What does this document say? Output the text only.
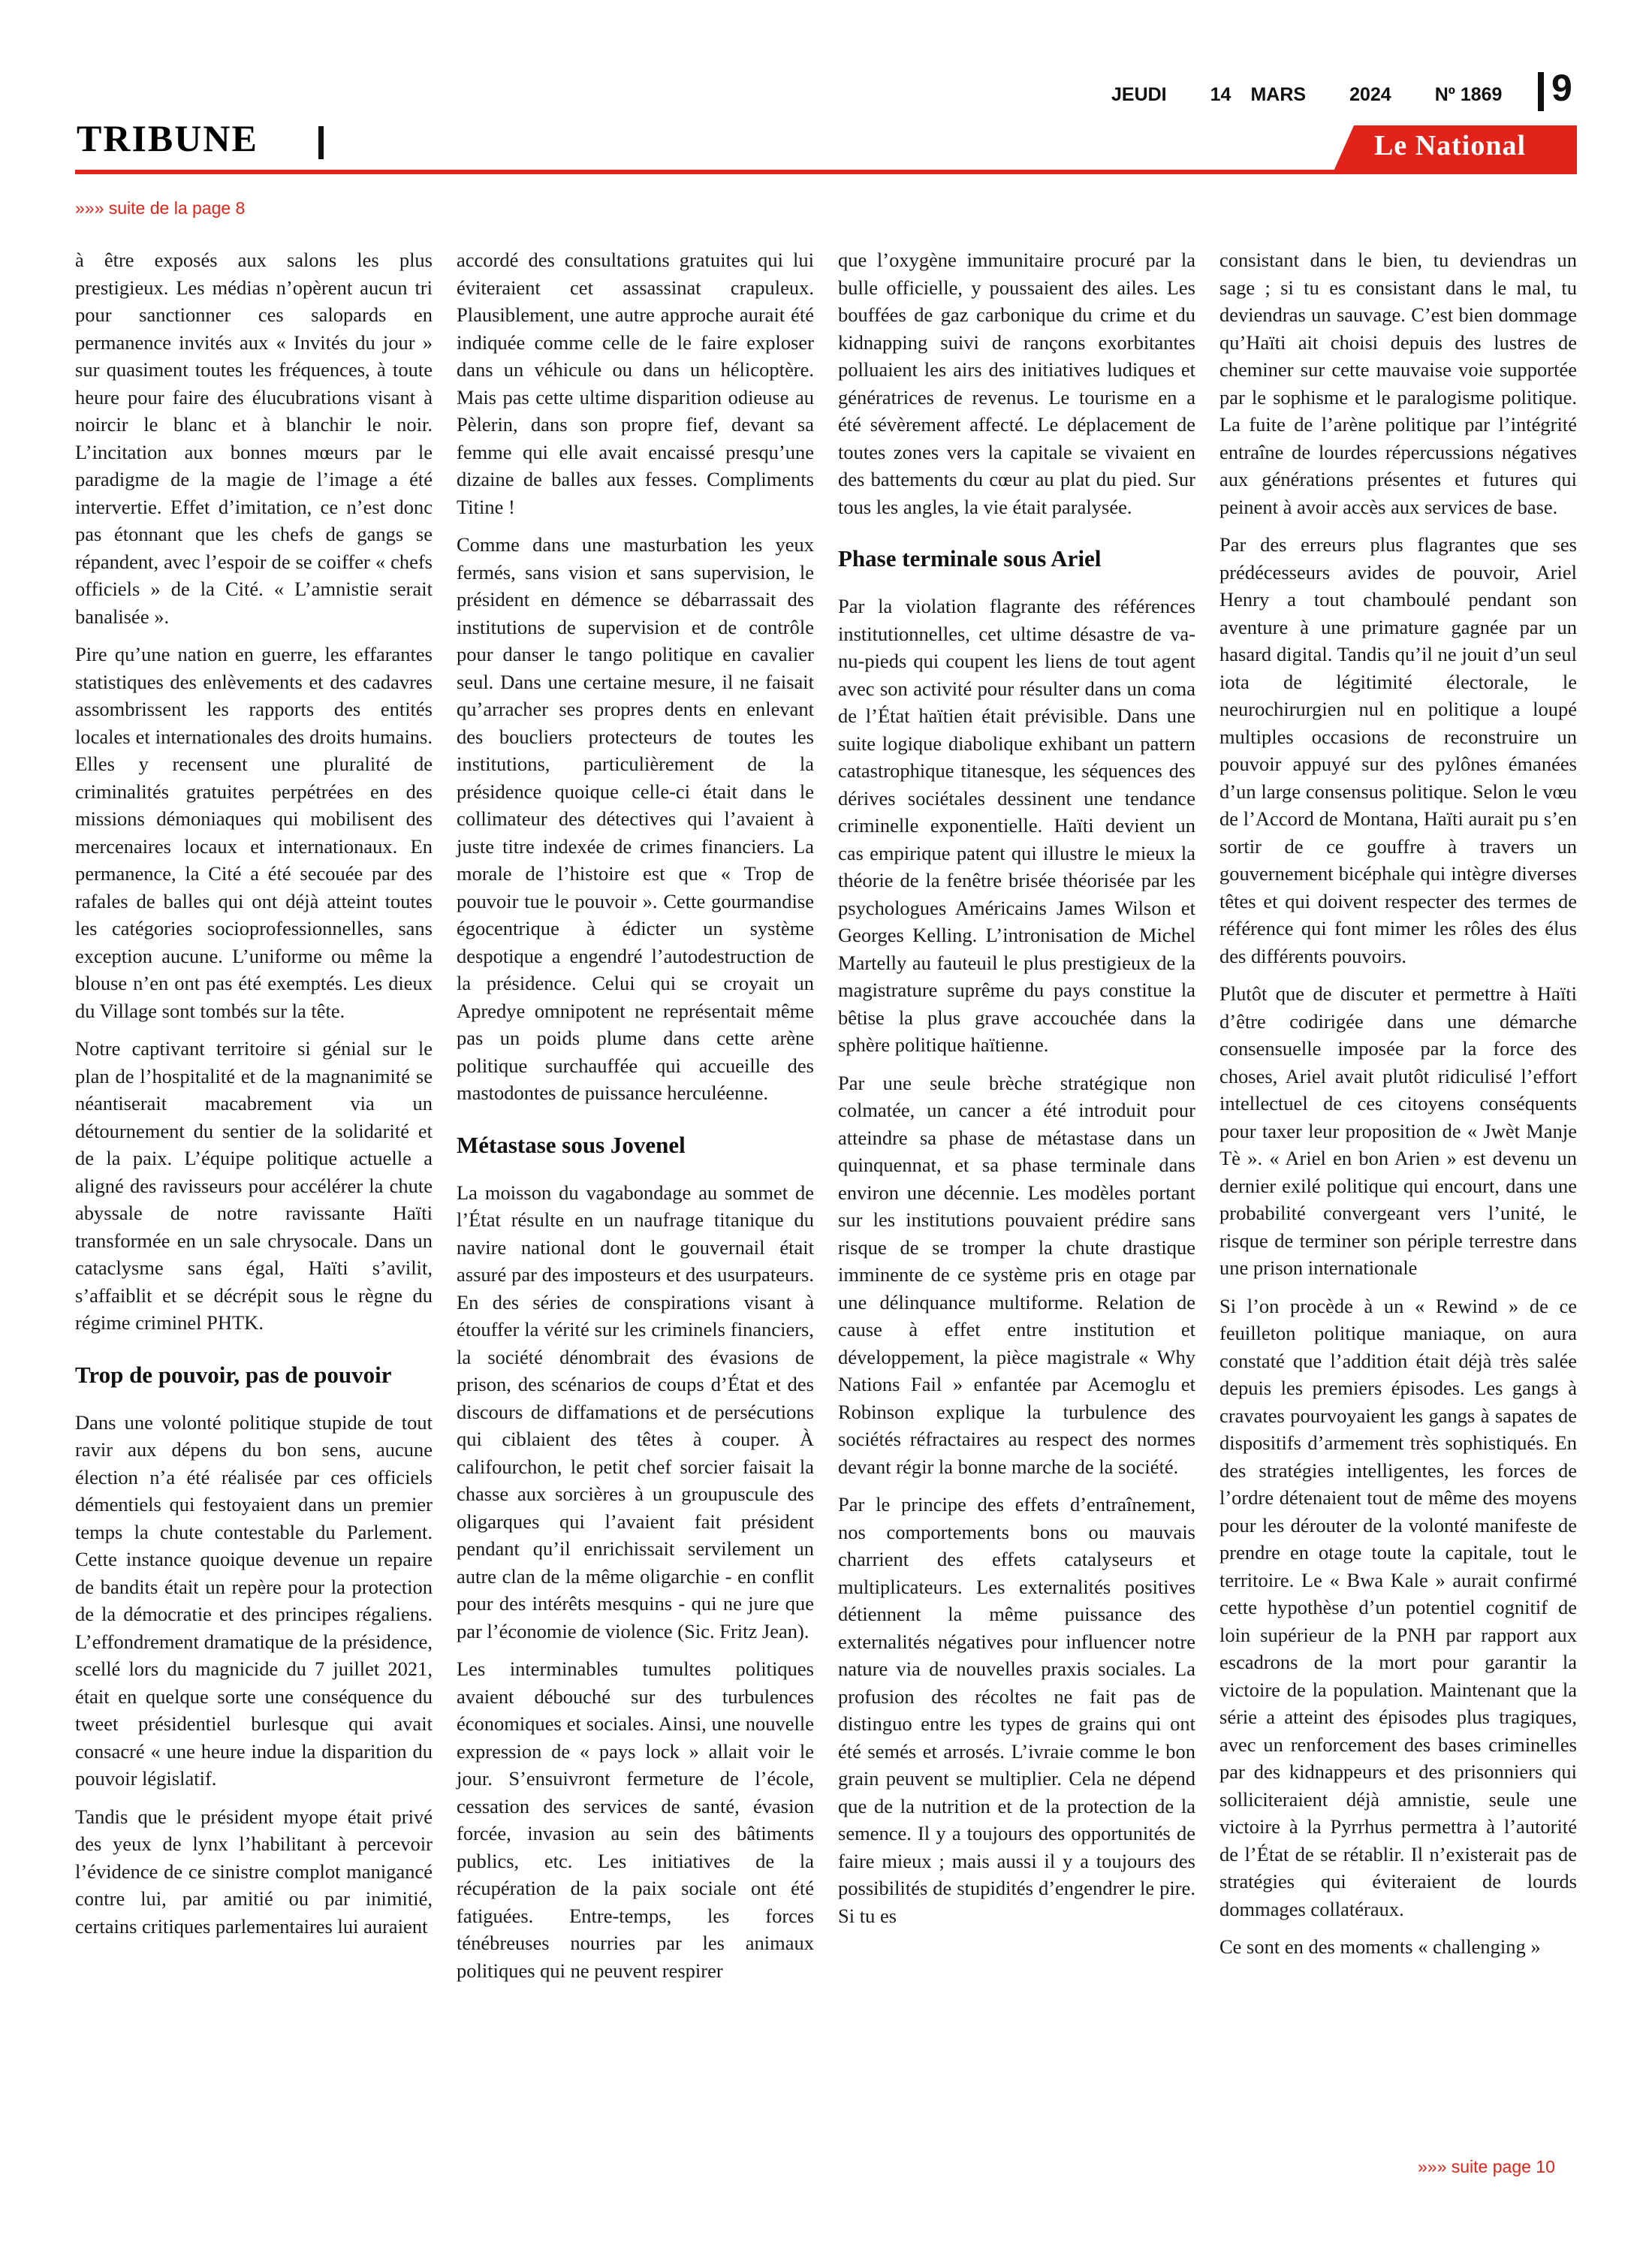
JEUDI 14 MARS 2024 Nº 1869	9
TRIBUNE	Le National
»»» suite de la page 8

à être exposés aux salons les plus prestigieux. Les médias n’opèrent aucun tri pour sanctionner ces salopards en permanence invités aux « Invités du jour » sur quasiment toutes les fréquences, à toute heure pour faire des élucubrations visant à noircir le blanc et à blanchir le noir. L’incitation aux bonnes mœurs par le paradigme de la magie de l’image a été intervertie. Effet d’imitation, ce n’est donc pas étonnant que les chefs de gangs se répandent, avec l’espoir de se coiffer « chefs officiels » de la Cité. « L’amnistie serait banalisée ».

Pire qu’une nation en guerre, les effarantes statistiques des enlèvements et des cadavres assombrissent les rapports des entités locales et internationales des droits humains. Elles y recensent une pluralité de criminalités gratuites perpétrées en des missions démoniaques qui mobilisent des mercenaires locaux et internationaux. En permanence, la Cité a été secouée par des rafales de balles qui ont déjà atteint toutes les catégories socioprofessionnelles, sans exception aucune. L’uniforme ou même la blouse n’en ont pas été exemptés. Les dieux du Village sont tombés sur la tête.

Notre captivant territoire si génial sur le plan de l’hospitalité et de la magnanimité se néantiserait macabrement via un détournement du sentier de la solidarité et de la paix. L’équipe politique actuelle a aligné des ravisseurs pour accélérer la chute abyssale de notre ravissante Haïti transformée en un sale chrysocale. Dans un cataclysme sans égal, Haïti s’avilit, s’affaiblit et se décrépit sous le règne du régime criminel PHTK.

Trop de pouvoir, pas de pouvoir

Dans une volonté politique stupide de tout ravir aux dépens du bon sens, aucune élection n’a été réalisée par ces officiels démentiels qui festoyaient dans un premier temps la chute contestable du Parlement. Cette instance quoique devenue un repaire de bandits était un repère pour la protection de la démocratie et des principes régaliens. L’effondrement dramatique de la présidence, scellé lors du magnicide du 7 juillet 2021, était en quelque sorte une conséquence du tweet présidentiel burlesque qui avait consacré « une heure indue la disparition du pouvoir législatif.

Tandis que le président myope était privé des yeux de lynx l’habilitant à percevoir l’évidence de ce sinistre complot manigancé contre lui, par amitié ou par inimitié, certains critiques parlementaires lui auraient

accordé des consultations gratuites qui lui éviteraient cet assassinat crapuleux. Plausiblement, une autre approche aurait été indiquée comme celle de le faire exploser dans un véhicule ou dans un hélicoptère. Mais pas cette ultime disparition odieuse au Pèlerin, dans son propre fief, devant sa femme qui elle avait encaissé presqu’une dizaine de balles aux fesses. Compliments Titine !

Comme dans une masturbation les yeux fermés, sans vision et sans supervision, le président en démence se débarrassait des institutions de supervision et de contrôle pour danser le tango politique en cavalier seul. Dans une certaine mesure, il ne faisait qu’arracher ses propres dents en enlevant des boucliers protecteurs de toutes les institutions, particulièrement de la présidence quoique celle-ci était dans le collimateur des détectives qui l’avaient à juste titre indexée de crimes financiers. La morale de l’histoire est que « Trop de pouvoir tue le pouvoir ». Cette gourmandise égocentrique à édicter un système despotique a engendré l’autodestruction de la présidence. Celui qui se croyait un Apredye omnipotent ne représentait même pas un poids plume dans cette arène politique surchauffée qui accueille des mastodontes de puissance herculéenne.

Métastase sous Jovenel

La moisson du vagabondage au sommet de l’État résulte en un naufrage titanique du navire national dont le gouvernail était assuré par des imposteurs et des usurpateurs. En des séries de conspirations visant à étouffer la vérité sur les criminels financiers, la société dénombrait des évasions de prison, des scénarios de coups d’État et des discours de diffamations et de persécutions qui ciblaient des têtes à couper. À califourchon, le petit chef sorcier faisait la chasse aux sorcières à un groupuscule des oligarques qui l’avaient fait président pendant qu’il enrichissait servilement un autre clan de la même oligarchie - en conflit pour des intérêts mesquins - qui ne jure que par l’économie de violence (Sic. Fritz Jean).

Les interminables tumultes politiques avaient débouché sur des turbulences économiques et sociales. Ainsi, une nouvelle expression de « pays lock » allait voir le jour. S’ensuivront fermeture de l’école, cessation des services de santé, évasion forcée, invasion au sein des bâtiments publics, etc. Les initiatives de la récupération de la paix sociale ont été fatiguées. Entre-temps, les forces ténébreuses nourries par les animaux politiques qui ne peuvent respirer

que l’oxygène immunitaire procuré par la bulle officielle, y poussaient des ailes. Les bouffées de gaz carbonique du crime et du kidnapping suivi de rançons exorbitantes polluaient les airs des initiatives ludiques et génératrices de revenus. Le tourisme en a été sévèrement affecté. Le déplacement de toutes zones vers la capitale se vivaient en des battements du cœur au plat du pied. Sur tous les angles, la vie était paralysée.

Phase terminale sous Ariel

Par la violation flagrante des références institutionnelles, cet ultime désastre de va-nu-pieds qui coupent les liens de tout agent avec son activité pour résulter dans un coma de l’État haïtien était prévisible. Dans une suite logique diabolique exhibant un pattern catastrophique titanesque, les séquences des dérives sociétales dessinent une tendance criminelle exponentielle. Haïti devient un cas empirique patent qui illustre le mieux la théorie de la fenêtre brisée théorisée par les psychologues Américains James Wilson et Georges Kelling. L’intronisation de Michel Martelly au fauteuil le plus prestigieux de la magistrature suprême du pays constitue la bêtise la plus grave accouchée dans la sphère politique haïtienne.

Par une seule brèche stratégique non colmatée, un cancer a été introduit pour atteindre sa phase de métastase dans un quinquennat, et sa phase terminale dans environ une décennie. Les modèles portant sur les institutions pouvaient prédire sans risque de se tromper la chute drastique imminente de ce système pris en otage par une délinquance multiforme. Relation de cause à effet entre institution et développement, la pièce magistrale « Why Nations Fail » enfantée par Acemoglu et Robinson explique la turbulence des sociétés réfractaires au respect des normes devant régir la bonne marche de la société.

Par le principe des effets d’entraînement, nos comportements bons ou mauvais charrient des effets catalyseurs et multiplicateurs. Les externalités positives détiennent la même puissance des externalités négatives pour influencer notre nature via de nouvelles praxis sociales. La profusion des récoltes ne fait pas de distinguo entre les types de grains qui ont été semés et arrosés. L’ivraie comme le bon grain peuvent se multiplier. Cela ne dépend que de la nutrition et de la protection de la semence. Il y a toujours des opportunités de faire mieux ; mais aussi il y a toujours des possibilités de stupidités d’engendrer le pire. Si tu es

consistant dans le bien, tu deviendras un sage ; si tu es consistant dans le mal, tu deviendras un sauvage. C’est bien dommage qu’Haïti ait choisi depuis des lustres de cheminer sur cette mauvaise voie supportée par le sophisme et le paralogisme politique. La fuite de l’arène politique par l’intégrité entraîne de lourdes répercussions négatives aux générations présentes et futures qui peinent à avoir accès aux services de base.

Par des erreurs plus flagrantes que ses prédécesseurs avides de pouvoir, Ariel Henry a tout chamboulé pendant son aventure à une primature gagnée par un hasard digital. Tandis qu’il ne jouit d’un seul iota de légitimité électorale, le neurochirurgien nul en politique a loupé multiples occasions de reconstruire un pouvoir appuyé sur des pylônes émanées d’un large consensus politique. Selon le vœu de l’Accord de Montana, Haïti aurait pu s’en sortir de ce gouffre à travers un gouvernement bicéphale qui intègre diverses têtes et qui doivent respecter des termes de référence qui font mimer les rôles des élus des différents pouvoirs.

Plutôt que de discuter et permettre à Haïti d’être codirigée dans une démarche consensuelle imposée par la force des choses, Ariel avait plutôt ridiculisé l’effort intellectuel de ces citoyens conséquents pour taxer leur proposition de « Jwèt Manje Tè ». « Ariel en bon Arien » est devenu un dernier exilé politique qui encourt, dans une probabilité convergeant vers l’unité, le risque de terminer son périple terrestre dans une prison internationale

Si l’on procède à un « Rewind » de ce feuilleton politique maniaque, on aura constaté que l’addition était déjà très salée depuis les premiers épisodes. Les gangs à cravates pourvoyaient les gangs à sapates de dispositifs d’armement très sophistiqués. En des stratégies intelligentes, les forces de l’ordre détenaient tout de même des moyens pour les dérouter de la volonté manifeste de prendre en otage toute la capitale, tout le territoire. Le « Bwa Kale » aurait confirmé cette hypothèse d’un potentiel cognitif de loin supérieur de la PNH par rapport aux escadrons de la mort pour garantir la victoire de la population. Maintenant que la série a atteint des épisodes plus tragiques, avec un renforcement des bases criminelles par des kidnappeurs et des prisonniers qui solliciteraient déjà amnistie, seule une victoire à la Pyrrhus permettra à l’autorité de l’État de se rétablir. Il n’existerait pas de stratégies qui éviteraient de lourds dommages collatéraux.

Ce sont en des moments « challenging »

»»» suite page 10
